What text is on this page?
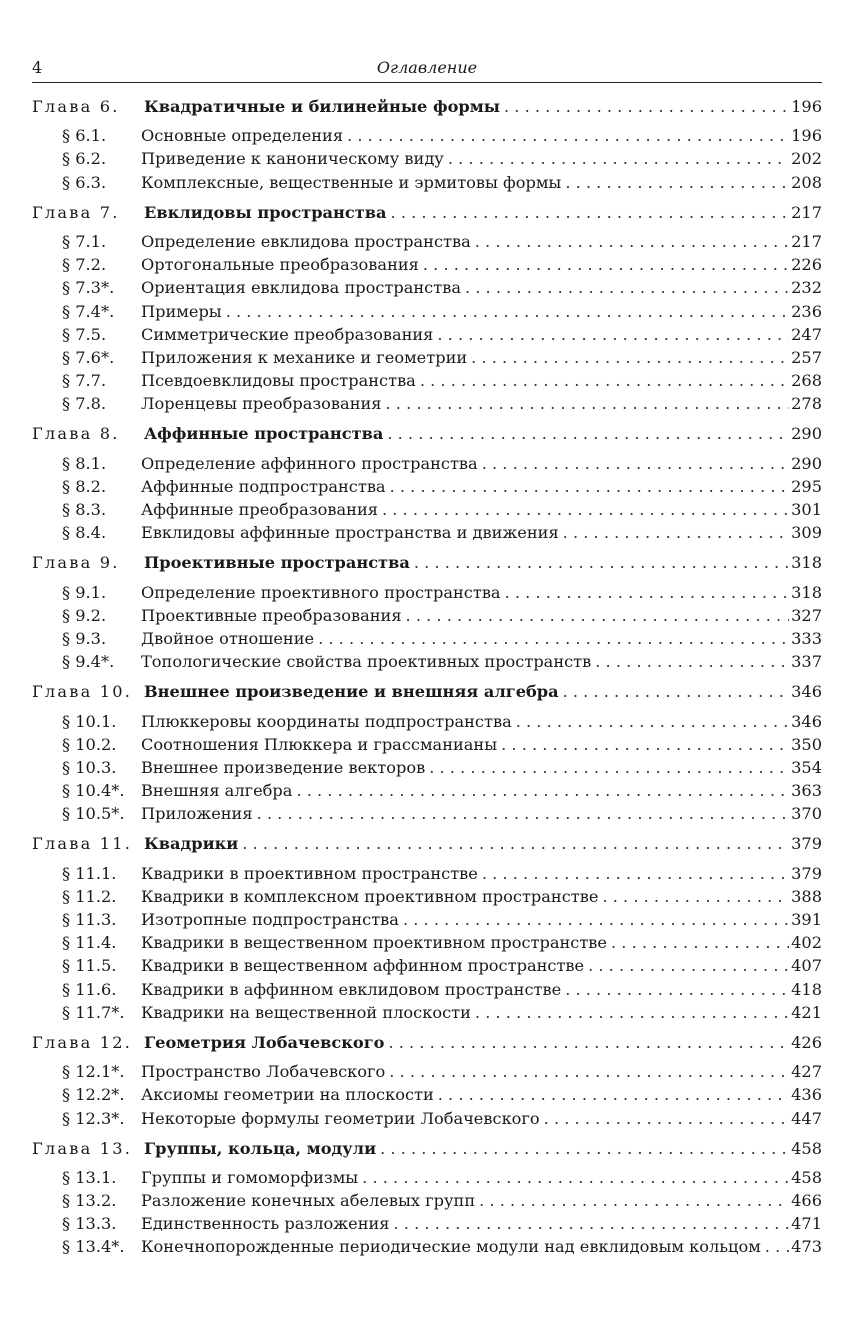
4	Оглавление
Глава 6.	Квадратичные и билинейные формы . . .	196
§ 6.1.	Основные определения . . .	196
§ 6.2.	Приведение к каноническому виду . . .	202
§ 6.3.	Комплексные, вещественные и эрмитовы формы . . .	208
Глава 7.	Евклидовы пространства . . .	217
§ 7.1.	Определение евклидова пространства . . .	217
§ 7.2.	Ортогональные преобразования . . .	226
§ 7.3*.	Ориентация евклидова пространства . . .	232
§ 7.4*.	Примеры . . .	236
§ 7.5.	Симметрические преобразования . . .	247
§ 7.6*.	Приложения к механике и геометрии . . .	257
§ 7.7.	Псевдоевклидовы пространства . . .	268
§ 7.8.	Лоренцевы преобразования . . .	278
Глава 8.	Аффинные пространства . . .	290
§ 8.1.	Определение аффинного пространства . . .	290
§ 8.2.	Аффинные подпространства . . .	295
§ 8.3.	Аффинные преобразования . . .	301
§ 8.4.	Евклидовы аффинные пространства и движения . . .	309
Глава 9.	Проективные пространства . . .	318
§ 9.1.	Определение проективного пространства . . .	318
§ 9.2.	Проективные преобразования . . .	327
§ 9.3.	Двойное отношение . . .	333
§ 9.4*.	Топологические свойства проективных пространств . . .	337
Глава 10. Внешнее произведение и внешняя алгебра . . .	346
§ 10.1.	Плюккеровы координаты подпространства . . .	346
§ 10.2.	Соотношения Плюккера и грассманианы . . .	350
§ 10.3.	Внешнее произведение векторов . . .	354
§ 10.4*.	Внешняя алгебра . . .	363
§ 10.5*.	Приложения . . .	370
Глава 11. Квадрики . . .	379
§ 11.1.	Квадрики в проективном пространстве . . .	379
§ 11.2.	Квадрики в комплексном проективном пространстве . . .	388
§ 11.3.	Изотропные подпространства . . .	391
§ 11.4.	Квадрики в вещественном проективном пространстве . . .	402
§ 11.5.	Квадрики в вещественном аффинном пространстве . . .	407
§ 11.6.	Квадрики в аффинном евклидовом пространстве . . .	418
§ 11.7*.	Квадрики на вещественной плоскости . . .	421
Глава 12. Геометрия Лобачевского . . .	426
§ 12.1*.	Пространство Лобачевского . . .	427
§ 12.2*.	Аксиомы геометрии на плоскости . . .	436
§ 12.3*.	Некоторые формулы геометрии Лобачевского . . .	447
Глава 13. Группы, кольца, модули . . .	458
§ 13.1.	Группы и гомоморфизмы . . .	458
§ 13.2.	Разложение конечных абелевых групп . . .	466
§ 13.3.	Единственность разложения . . .	471
§ 13.4*.	Конечнопорожденные периодические модули над евклидовым кольцом . . . 473
